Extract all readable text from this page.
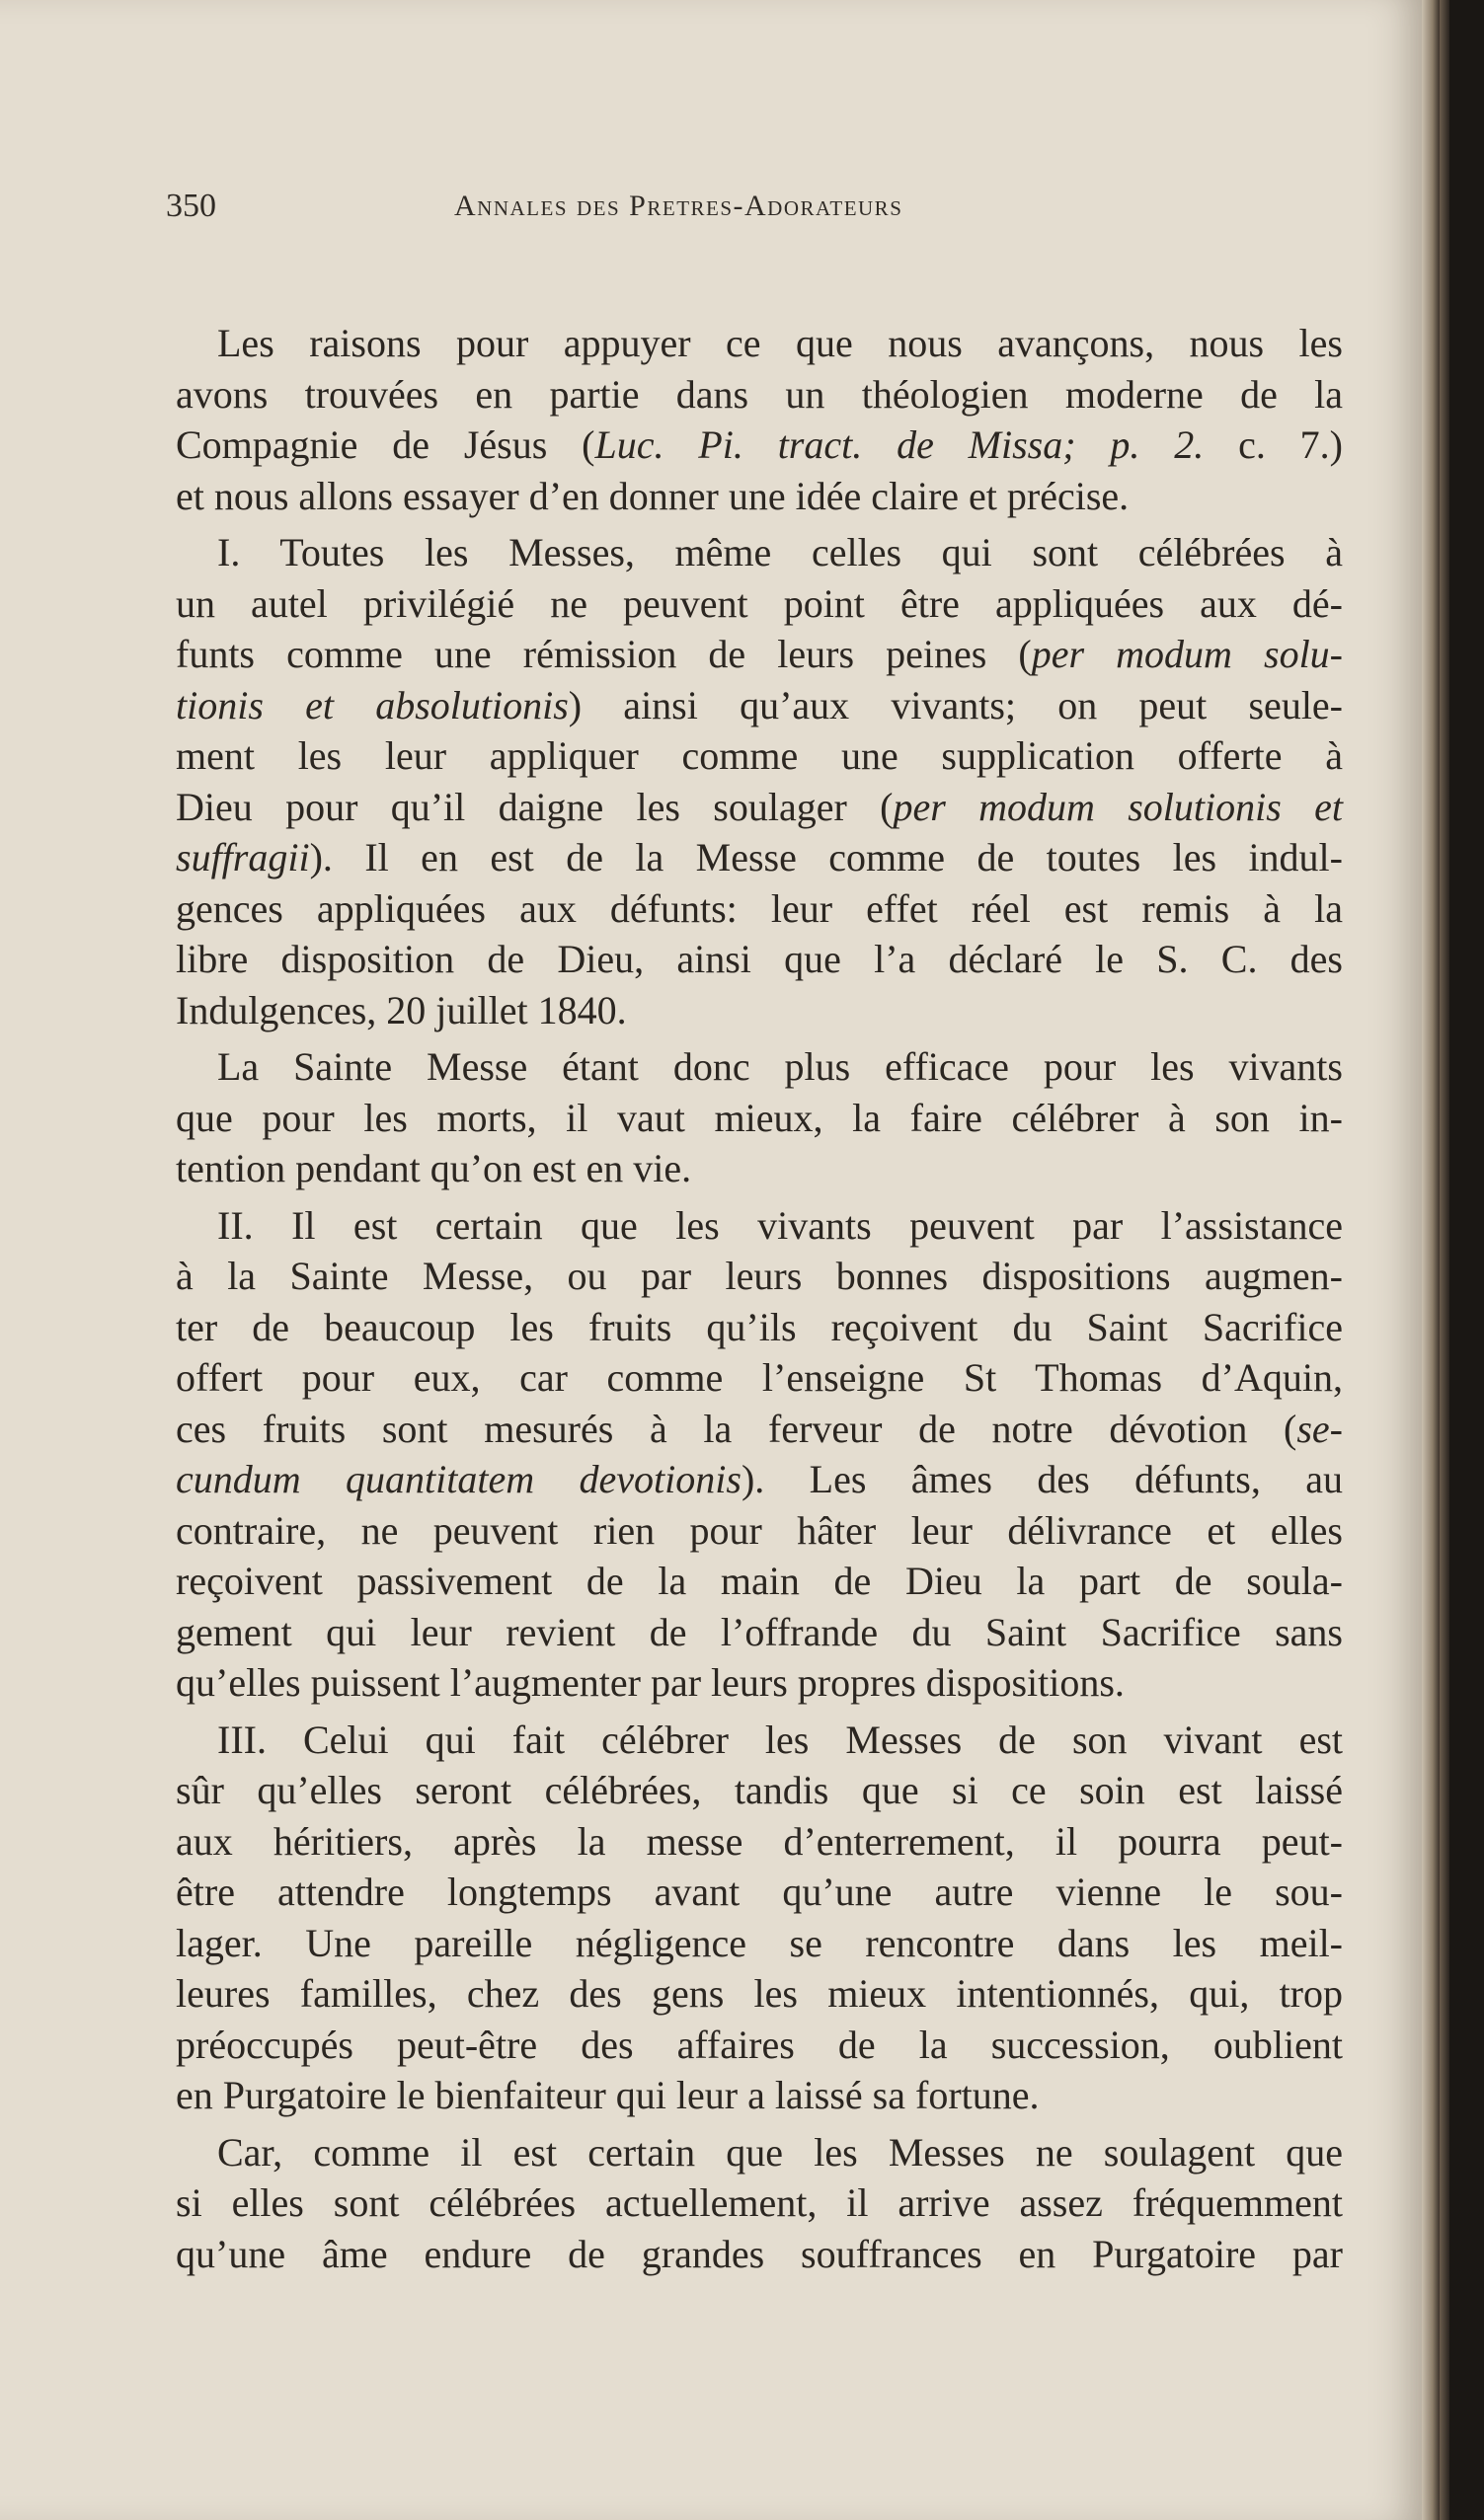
350	Annales des Pretres-Adorateurs
Les raisons pour appuyer ce que nous avançons, nous les
avons trouvées en partie dans un théologien moderne de la
Compagnie de Jésus (Luc. Pi. tract. de Missa; p. 2. c. 7.)
et nous allons essayer d’en donner une idée claire et précise.
I. Toutes les Messes, même celles qui sont célébrées à
un autel privilégié ne peuvent point être appliquées aux dé-
funts comme une rémission de leurs peines (per modum solu-
tionis et absolutionis) ainsi qu’aux vivants; on peut seule-
ment les leur appliquer comme une supplication offerte à
Dieu pour qu’il daigne les soulager (per modum solutionis et
suffragii). Il en est de la Messe comme de toutes les indul-
gences appliquées aux défunts: leur effet réel est remis à la
libre disposition de Dieu, ainsi que l’a déclaré le S. C. des
Indulgences, 20 juillet 1840.
La Sainte Messe étant donc plus efficace pour les vivants
que pour les morts, il vaut mieux, la faire célébrer à son in-
tention pendant qu’on est en vie.
II. Il est certain que les vivants peuvent par l’assistance
à la Sainte Messe, ou par leurs bonnes dispositions augmen-
ter de beaucoup les fruits qu’ils reçoivent du Saint Sacrifice
offert pour eux, car comme l’enseigne St Thomas d’Aquin,
ces fruits sont mesurés à la ferveur de notre dévotion (se-
cundum quantitatem devotionis). Les âmes des défunts, au
contraire, ne peuvent rien pour hâter leur délivrance et elles
reçoivent passivement de la main de Dieu la part de soula-
gement qui leur revient de l’offrande du Saint Sacrifice sans
qu’elles puissent l’augmenter par leurs propres dispositions.
III. Celui qui fait célébrer les Messes de son vivant est
sûr qu’elles seront célébrées, tandis que si ce soin est laissé
aux héritiers, après la messe d’enterrement, il pourra peut-
être attendre longtemps avant qu’une autre vienne le sou-
lager. Une pareille négligence se rencontre dans les meil-
leures familles, chez des gens les mieux intentionnés, qui, trop
préoccupés peut-être des affaires de la succession, oublient
en Purgatoire le bienfaiteur qui leur a laissé sa fortune.
Car, comme il est certain que les Messes ne soulagent que
si elles sont célébrées actuellement, il arrive assez fréquemment
qu’une âme endure de grandes souffrances en Purgatoire par
